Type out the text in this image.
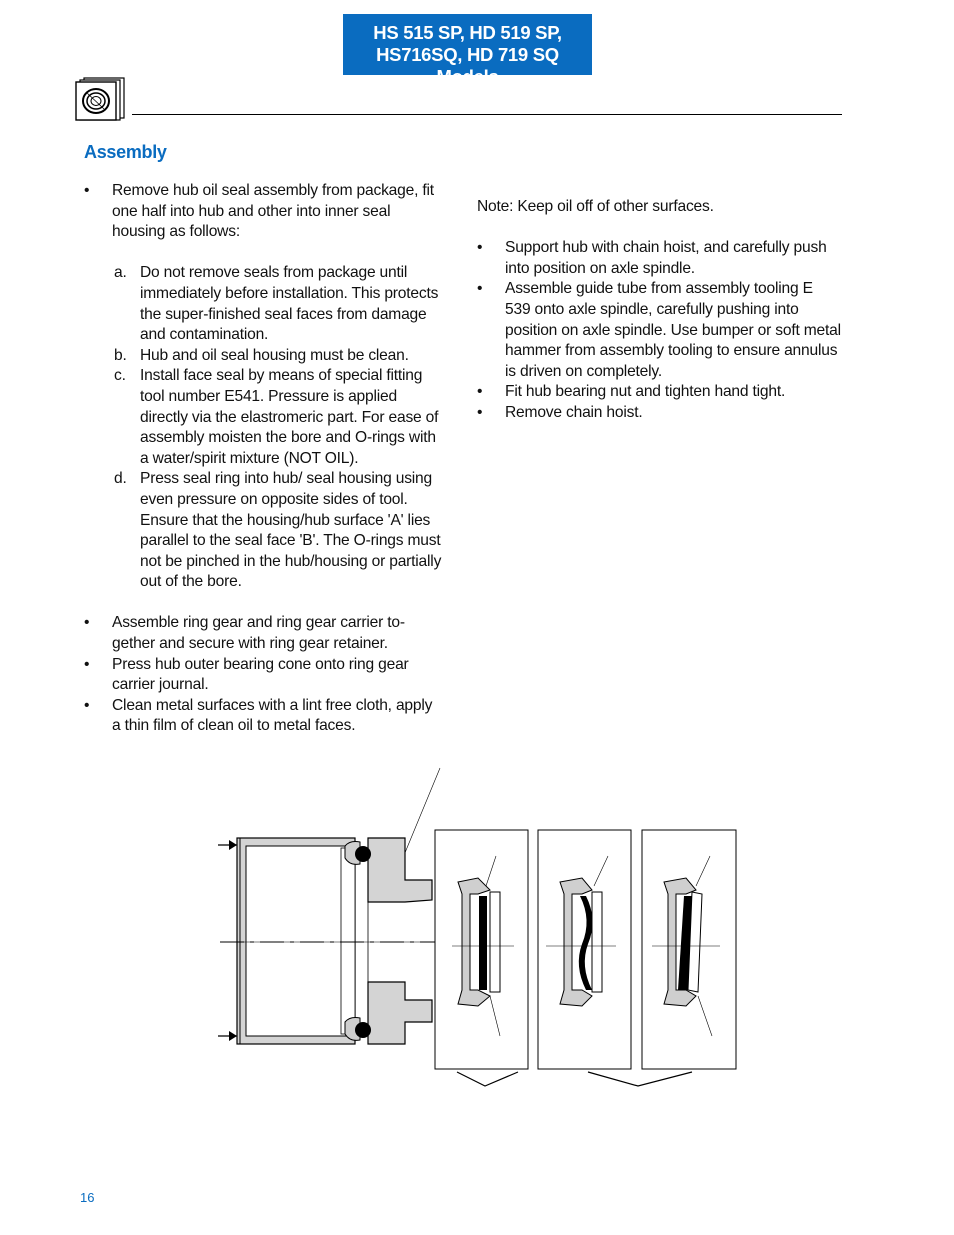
HS 515 SP, HD 519 SP,
HS716SQ, HD 719 SQ Models
Assembly
• Remove hub oil seal assembly from package, fit one half into hub and other into inner seal housing as follows:
a. Do not remove seals from package until immediately before installation. This protects the super-finished seal faces from damage and contamination.
b. Hub and oil seal housing must be clean.
c. Install face seal by means of special fitting tool number E541. Pressure is applied directly via the elastromeric part. For ease of assembly moisten the bore and O-rings with a water/spirit mixture (NOT OIL).
d. Press seal ring into hub/ seal housing using even pressure on opposite sides of tool. Ensure that the housing/hub surface 'A' lies parallel to the seal face 'B'. The O-rings must not be pinched in the hub/housing or partially out of the bore.
• Assemble ring gear and ring gear carrier to-gether and secure with ring gear retainer.
• Press hub outer bearing cone onto ring gear carrier journal.
• Clean metal surfaces with a lint free cloth, apply a thin film of clean oil to metal faces.
Note: Keep oil off of other surfaces.
• Support hub with chain hoist, and carefully push into position on axle spindle.
• Assemble guide tube from assembly tooling E 539 onto axle spindle, carefully pushing into position on axle spindle. Use bumper or soft metal hammer from assembly tooling to ensure annulus is driven on completely.
• Fit hub bearing nut and tighten hand tight.
• Remove chain hoist.
16
